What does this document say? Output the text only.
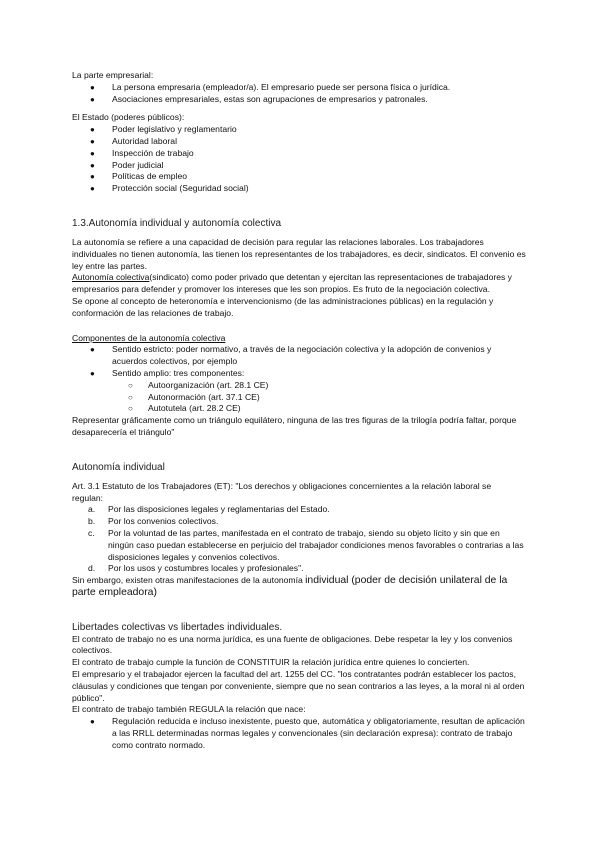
La parte empresarial:

● La persona empresaria (empleador/a). El empresario puede ser persona física o jurídica.
● Asociaciones empresariales, estas son agrupaciones de empresarios y patronales.

El Estado (poderes públicos):

● Poder legislativo y reglamentario
● Autoridad laboral
● Inspección de trabajo
● Poder judicial
● Políticas de empleo
● Protección social (Seguridad social)

1.3.Autonomía individual y autonomía colectiva

La autonomía se refiere a una capacidad de decisión para regular las relaciones laborales. Los trabajadores individuales no tienen autonomía, las tienen los representantes de los trabajadores, es decir, sindicatos. El convenio es ley entre las partes.

Autonomía colectiva(sindicato) como poder privado que detentan y ejercitan las representaciones de trabajadores y empresarios para defender y promover los intereses que les son propios. Es fruto de la negociación colectiva.

Se opone al concepto de heteronomía e intervencionismo (de las administraciones públicas) en la regulación y conformación de las relaciones de trabajo.

Componentes de la autonomía colectiva

● Sentido estricto: poder normativo, a través de la negociación colectiva y la adopción de convenios y acuerdos colectivos, por ejemplo
● Sentido amplio: tres componentes:
○ Autoorganización (art. 28.1 CE)
○ Autonormación (art. 37.1 CE)
○ Autotutela (art. 28.2 CE)

Representar gráficamente como un triángulo equilátero, ninguna de las tres figuras de la trilogía podría faltar, porque desaparecería el triángulo"

Autonomía individual

Art. 3.1 Estatuto de los Trabajadores (ET): "Los derechos y obligaciones concernientes a la relación laboral se regulan:

a. Por las disposiciones legales y reglamentarias del Estado.
b. Por los convenios colectivos.
c. Por la voluntad de las partes, manifestada en el contrato de trabajo, siendo su objeto lícito y sin que en ningún caso puedan establecerse en perjuicio del trabajador condiciones menos favorables o contrarias a las disposiciones legales y convenios colectivos.
d. Por los usos y costumbres locales y profesionales".

Sin embargo, existen otras manifestaciones de la autonomía individual (poder de decisión unilateral de la parte empleadora)

Libertades colectivas vs libertades individuales.

El contrato de trabajo no es una norma jurídica, es una fuente de obligaciones. Debe respetar la ley y los convenios colectivos.

El contrato de trabajo cumple la función de CONSTITUIR la relación jurídica entre quienes lo concierten.

El empresario y el trabajador ejercen la facultad del art. 1255 del CC. "los contratantes podrán establecer los pactos, cláusulas y condiciones que tengan por conveniente, siempre que no sean contrarios a las leyes, a la moral ni al orden público".

El contrato de trabajo también REGULA la relación que nace:

● Regulación reducida e incluso inexistente, puesto que, automática y obligatoriamente, resultan de aplicación a las RRLL determinadas normas legales y convencionales (sin declaración expresa): contrato de trabajo como contrato normado.
